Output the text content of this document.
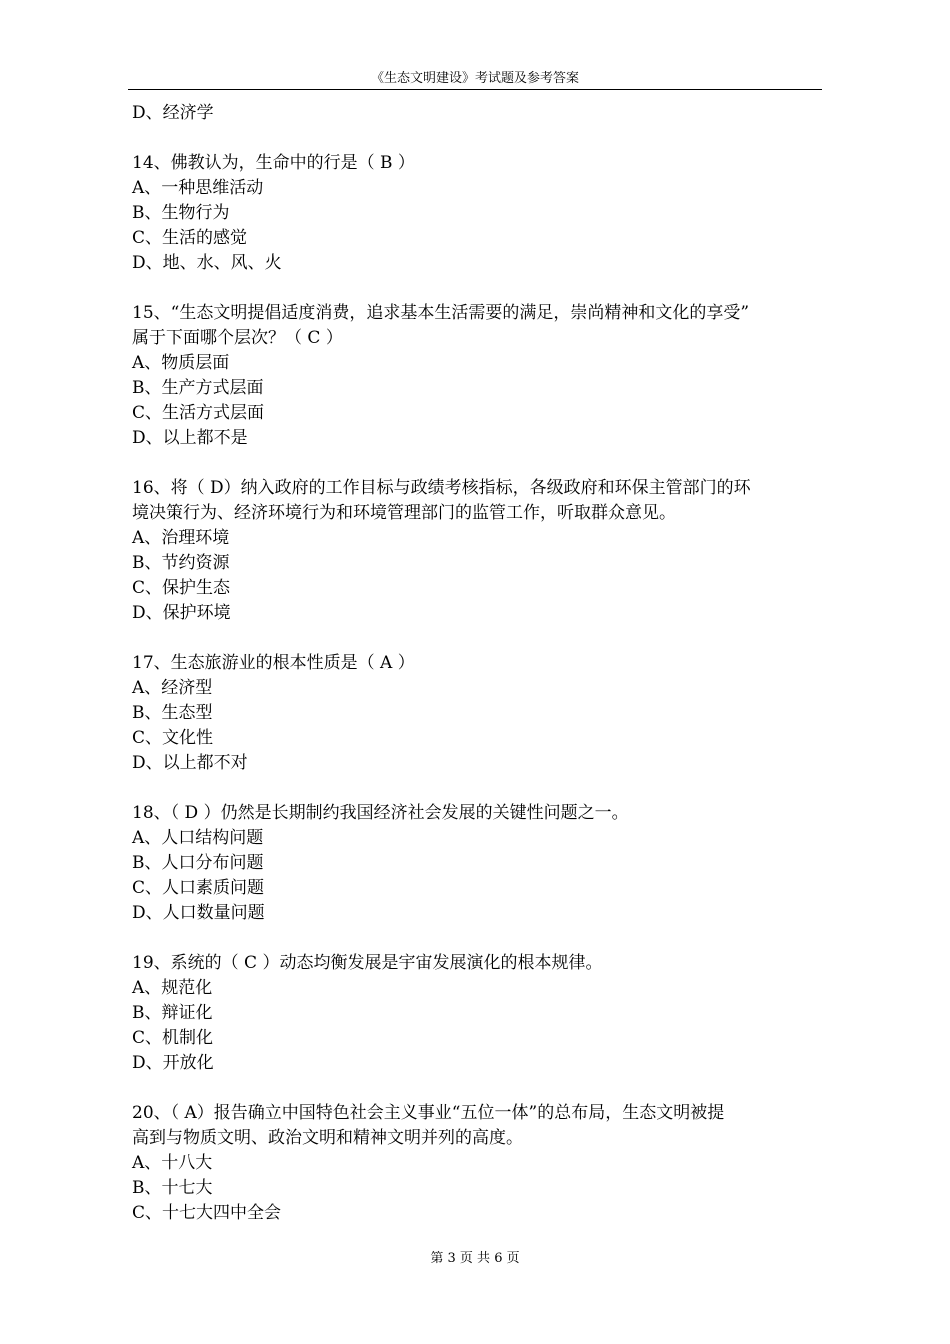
《生态文明建设》考试题及参考答案
D、经济学
14、佛教认为，生命中的行是（ B ）
A、一种思维活动
B、生物行为
C、生活的感觉
D、地、水、风、火
15、“生态文明提倡适度消费，追求基本生活需要的满足，崇尚精神和文化的享受”
属于下面哪个层次？（ C ）
A、物质层面
B、生产方式层面
C、生活方式层面
D、以上都不是
16、将（ D）纳入政府的工作目标与政绩考核指标，各级政府和环保主管部门的环
境决策行为、经济环境行为和环境管理部门的监管工作，听取群众意见。
A、治理环境
B、节约资源
C、保护生态
D、保护环境
17、生态旅游业的根本性质是（ A ）
A、经济型
B、生态型
C、文化性
D、以上都不对
18、（ D ）仍然是长期制约我国经济社会发展的关键性问题之一。
A、人口结构问题
B、人口分布问题
C、人口素质问题
D、人口数量问题
19、系统的（ C ）动态均衡发展是宇宙发展演化的根本规律。
A、规范化
B、辩证化
C、机制化
D、开放化
20、（ A）报告确立中国特色社会主义事业“五位一体”的总布局，生态文明被提
高到与物质文明、政治文明和精神文明并列的高度。
A、十八大
B、十七大
C、十七大四中全会
第 3 页 共 6 页
